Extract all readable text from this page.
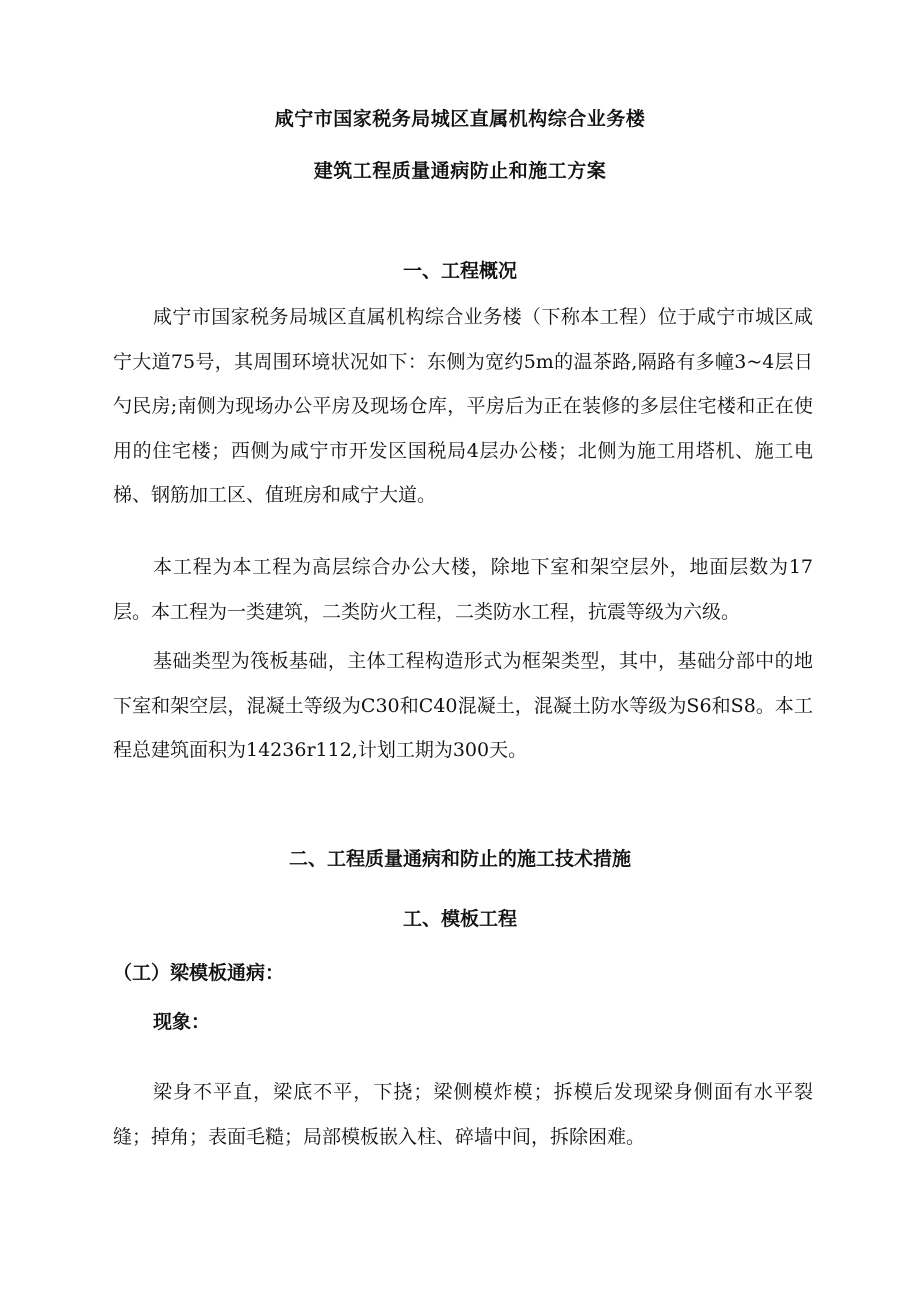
咸宁市国家税务局城区直属机构综合业务楼
建筑工程质量通病防止和施工方案
一、工程概况

咸宁市国家税务局城区直属机构综合业务楼（下称本工程）位于咸宁市城区咸宁大道75号，其周围环境状况如下：东侧为宽约5m的温茶路,隔路有多幢3~4层日勺民房;南侧为现场办公平房及现场仓库，平房后为正在装修的多层住宅楼和正在使用的住宅楼；西侧为咸宁市开发区国税局4层办公楼；北侧为施工用塔机、施工电梯、钢筋加工区、值班房和咸宁大道。

本工程为本工程为高层综合办公大楼，除地下室和架空层外，地面层数为17层。本工程为一类建筑，二类防火工程，二类防水工程，抗震等级为六级。

基础类型为筏板基础，主体工程构造形式为框架类型，其中，基础分部中的地下室和架空层，混凝土等级为C30和C40混凝土，混凝土防水等级为S6和S8。本工程总建筑面积为14236r112,计划工期为300天。

二、工程质量通病和防止的施工技术措施
工、模板工程
（工）梁模板通病：
现象：

梁身不平直，梁底不平，下挠；梁侧模炸模；拆模后发现梁身侧面有水平裂缝；掉角；表面毛糙；局部模板嵌入柱、碎墙中间，拆除困难。
